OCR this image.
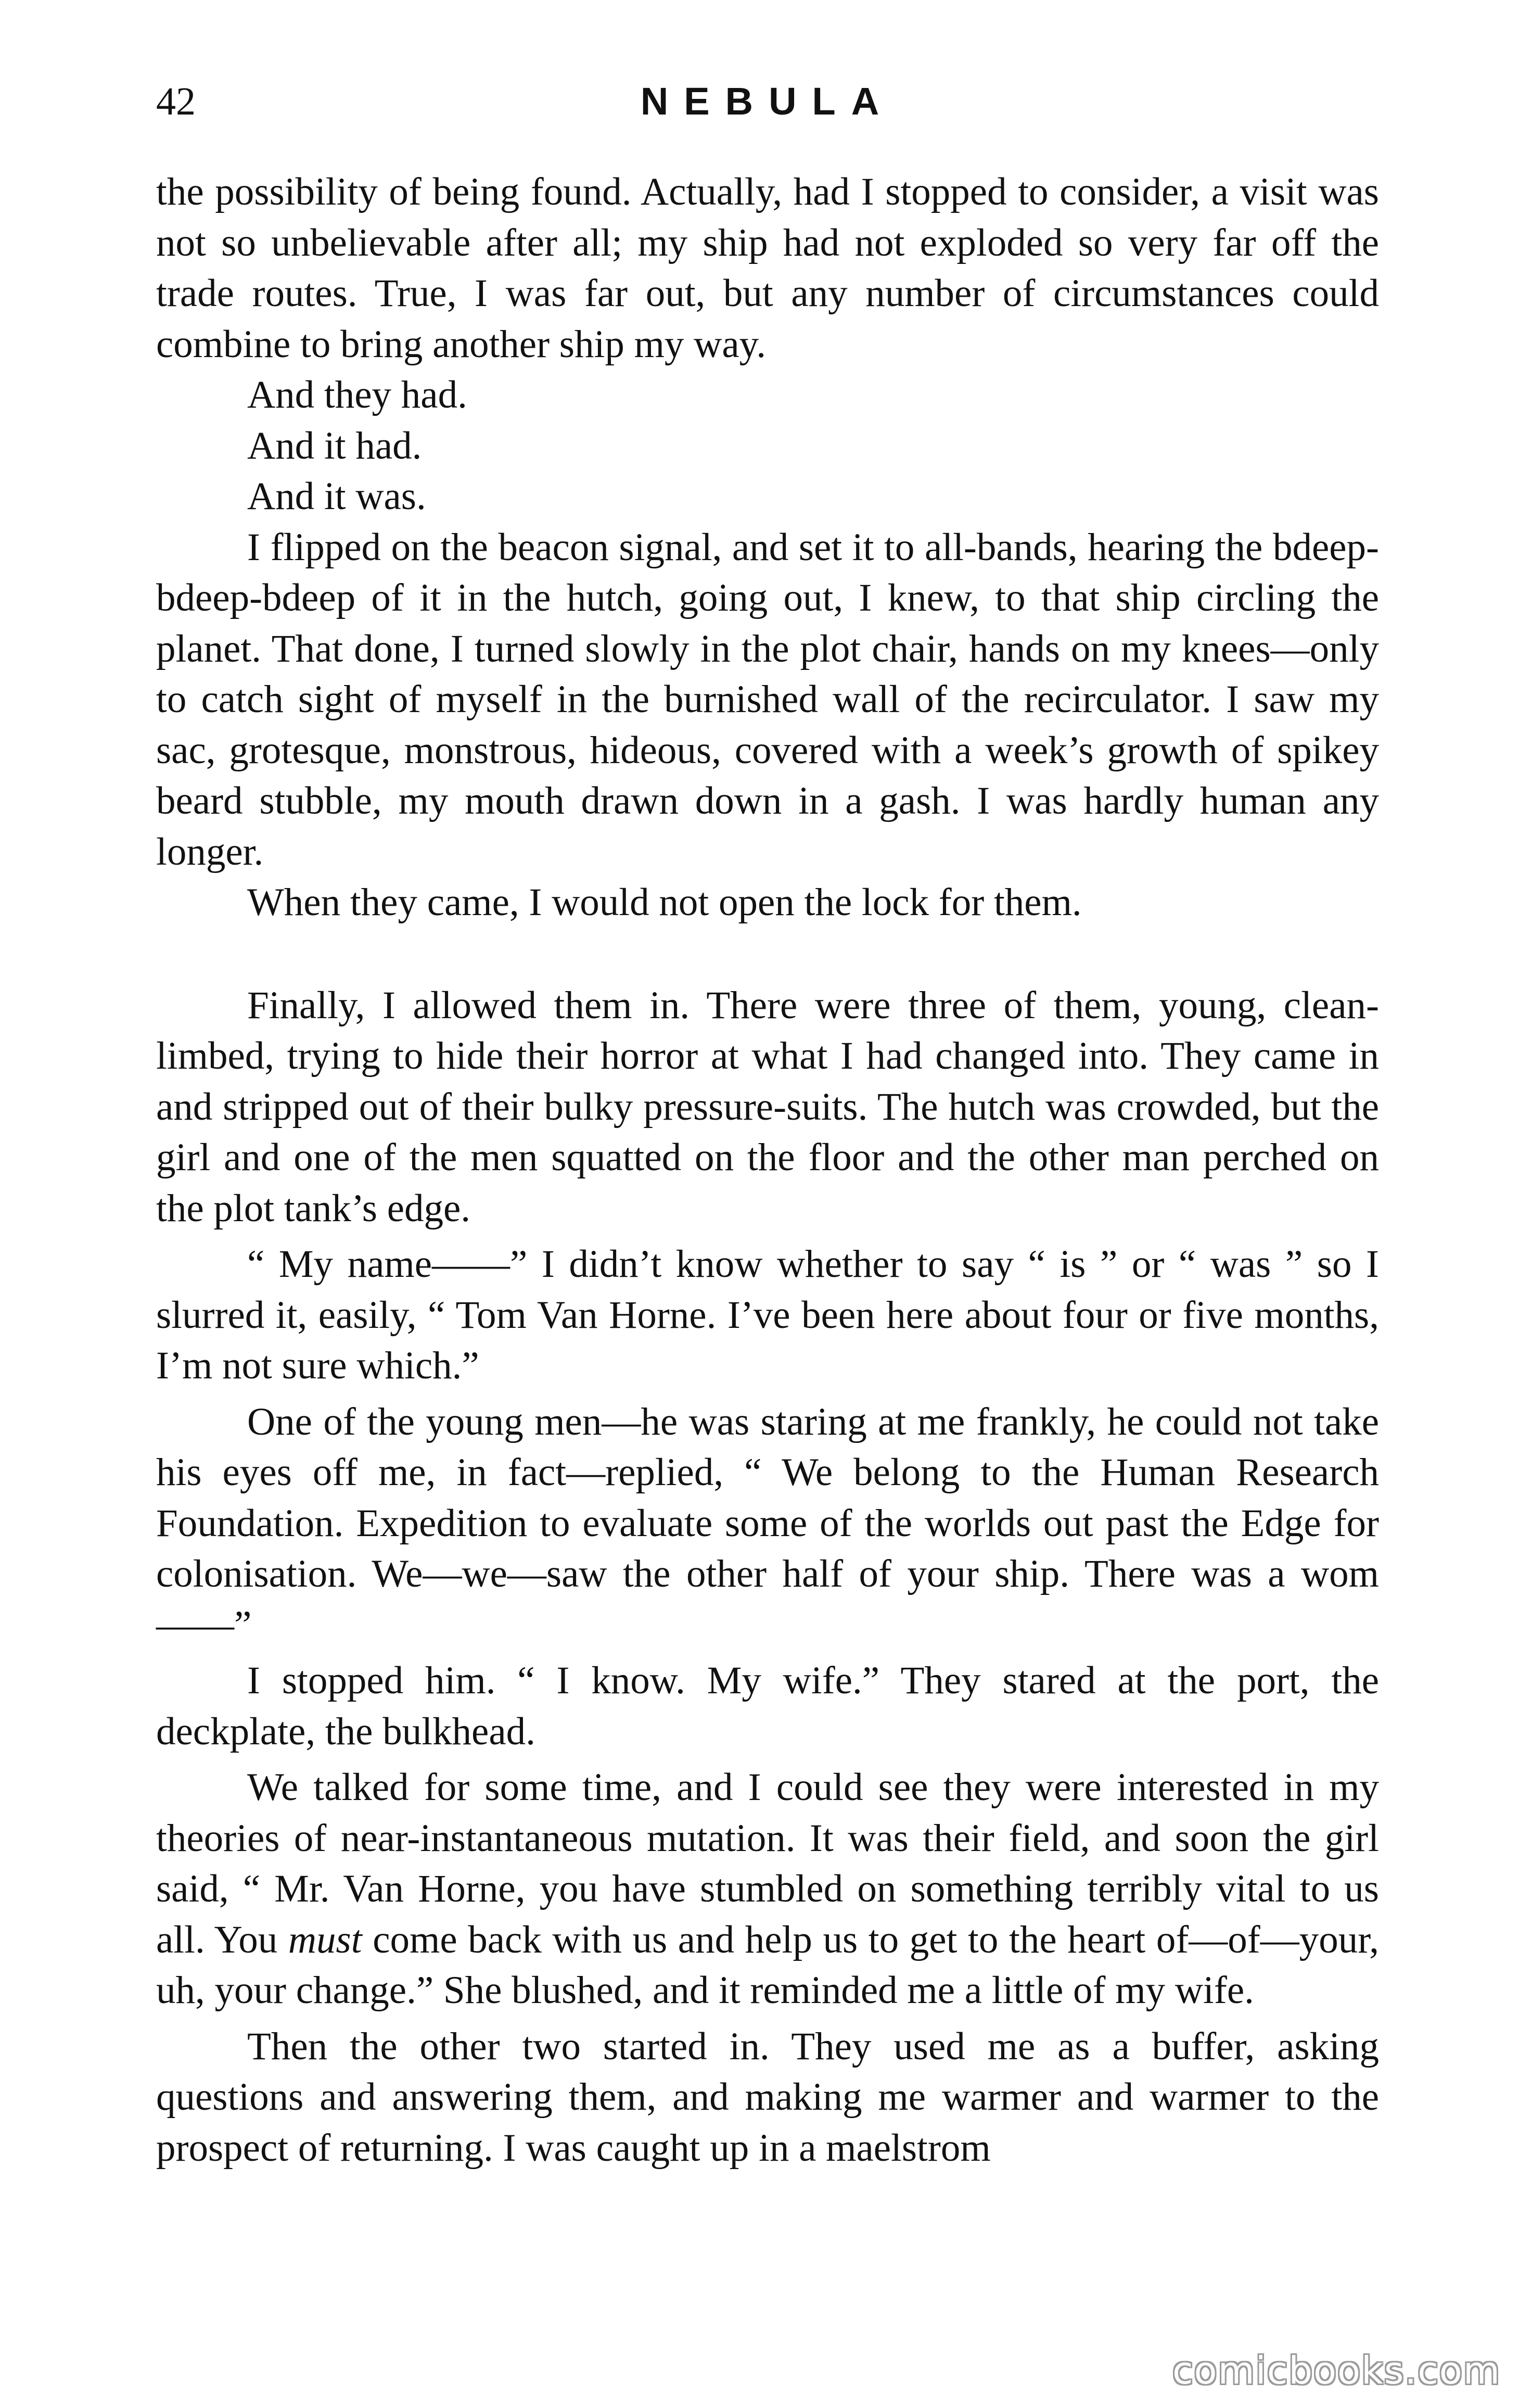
42	NEBULA

the possibility of being found. Actually, had I stopped to consider, a visit was not so unbelievable after all; my ship had not exploded so very far off the trade routes. True, I was far out, but any number of circumstances could combine to bring another ship my way.

And they had.

And it had.

And it was.

I flipped on the beacon signal, and set it to all-bands, hearing the bdeep-bdeep-bdeep of it in the hutch, going out, I knew, to that ship circling the planet. That done, I turned slowly in the plot chair, hands on my knees—only to catch sight of myself in the burnished wall of the recirculator. I saw my sac, grotesque, monstrous, hideous, covered with a week’s growth of spikey beard stubble, my mouth drawn down in a gash. I was hardly human any longer.

When they came, I would not open the lock for them.

Finally, I allowed them in. There were three of them, young, clean-limbed, trying to hide their horror at what I had changed into. They came in and stripped out of their bulky pressure-suits. The hutch was crowded, but the girl and one of the men squatted on the floor and the other man perched on the plot tank’s edge.

“ My name——” I didn’t know whether to say “ is ” or “ was ” so I slurred it, easily, “ Tom Van Horne. I’ve been here about four or five months, I’m not sure which.”

One of the young men—he was staring at me frankly, he could not take his eyes off me, in fact—replied, “ We belong to the Human Research Foundation. Expedition to evaluate some of the worlds out past the Edge for colonisation. We—we—saw the other half of your ship. There was a wom——”

I stopped him. “ I know. My wife.” They stared at the port, the deckplate, the bulkhead.

We talked for some time, and I could see they were interested in my theories of near-instantaneous mutation. It was their field, and soon the girl said, “ Mr. Van Horne, you have stumbled on something terribly vital to us all. You must come back with us and help us to get to the heart of—of—your, uh, your change.” She blushed, and it reminded me a little of my wife.

Then the other two started in. They used me as a buffer, asking questions and answering them, and making me warmer and warmer to the prospect of returning. I was caught up in a maelstrom

comicbooks.com
